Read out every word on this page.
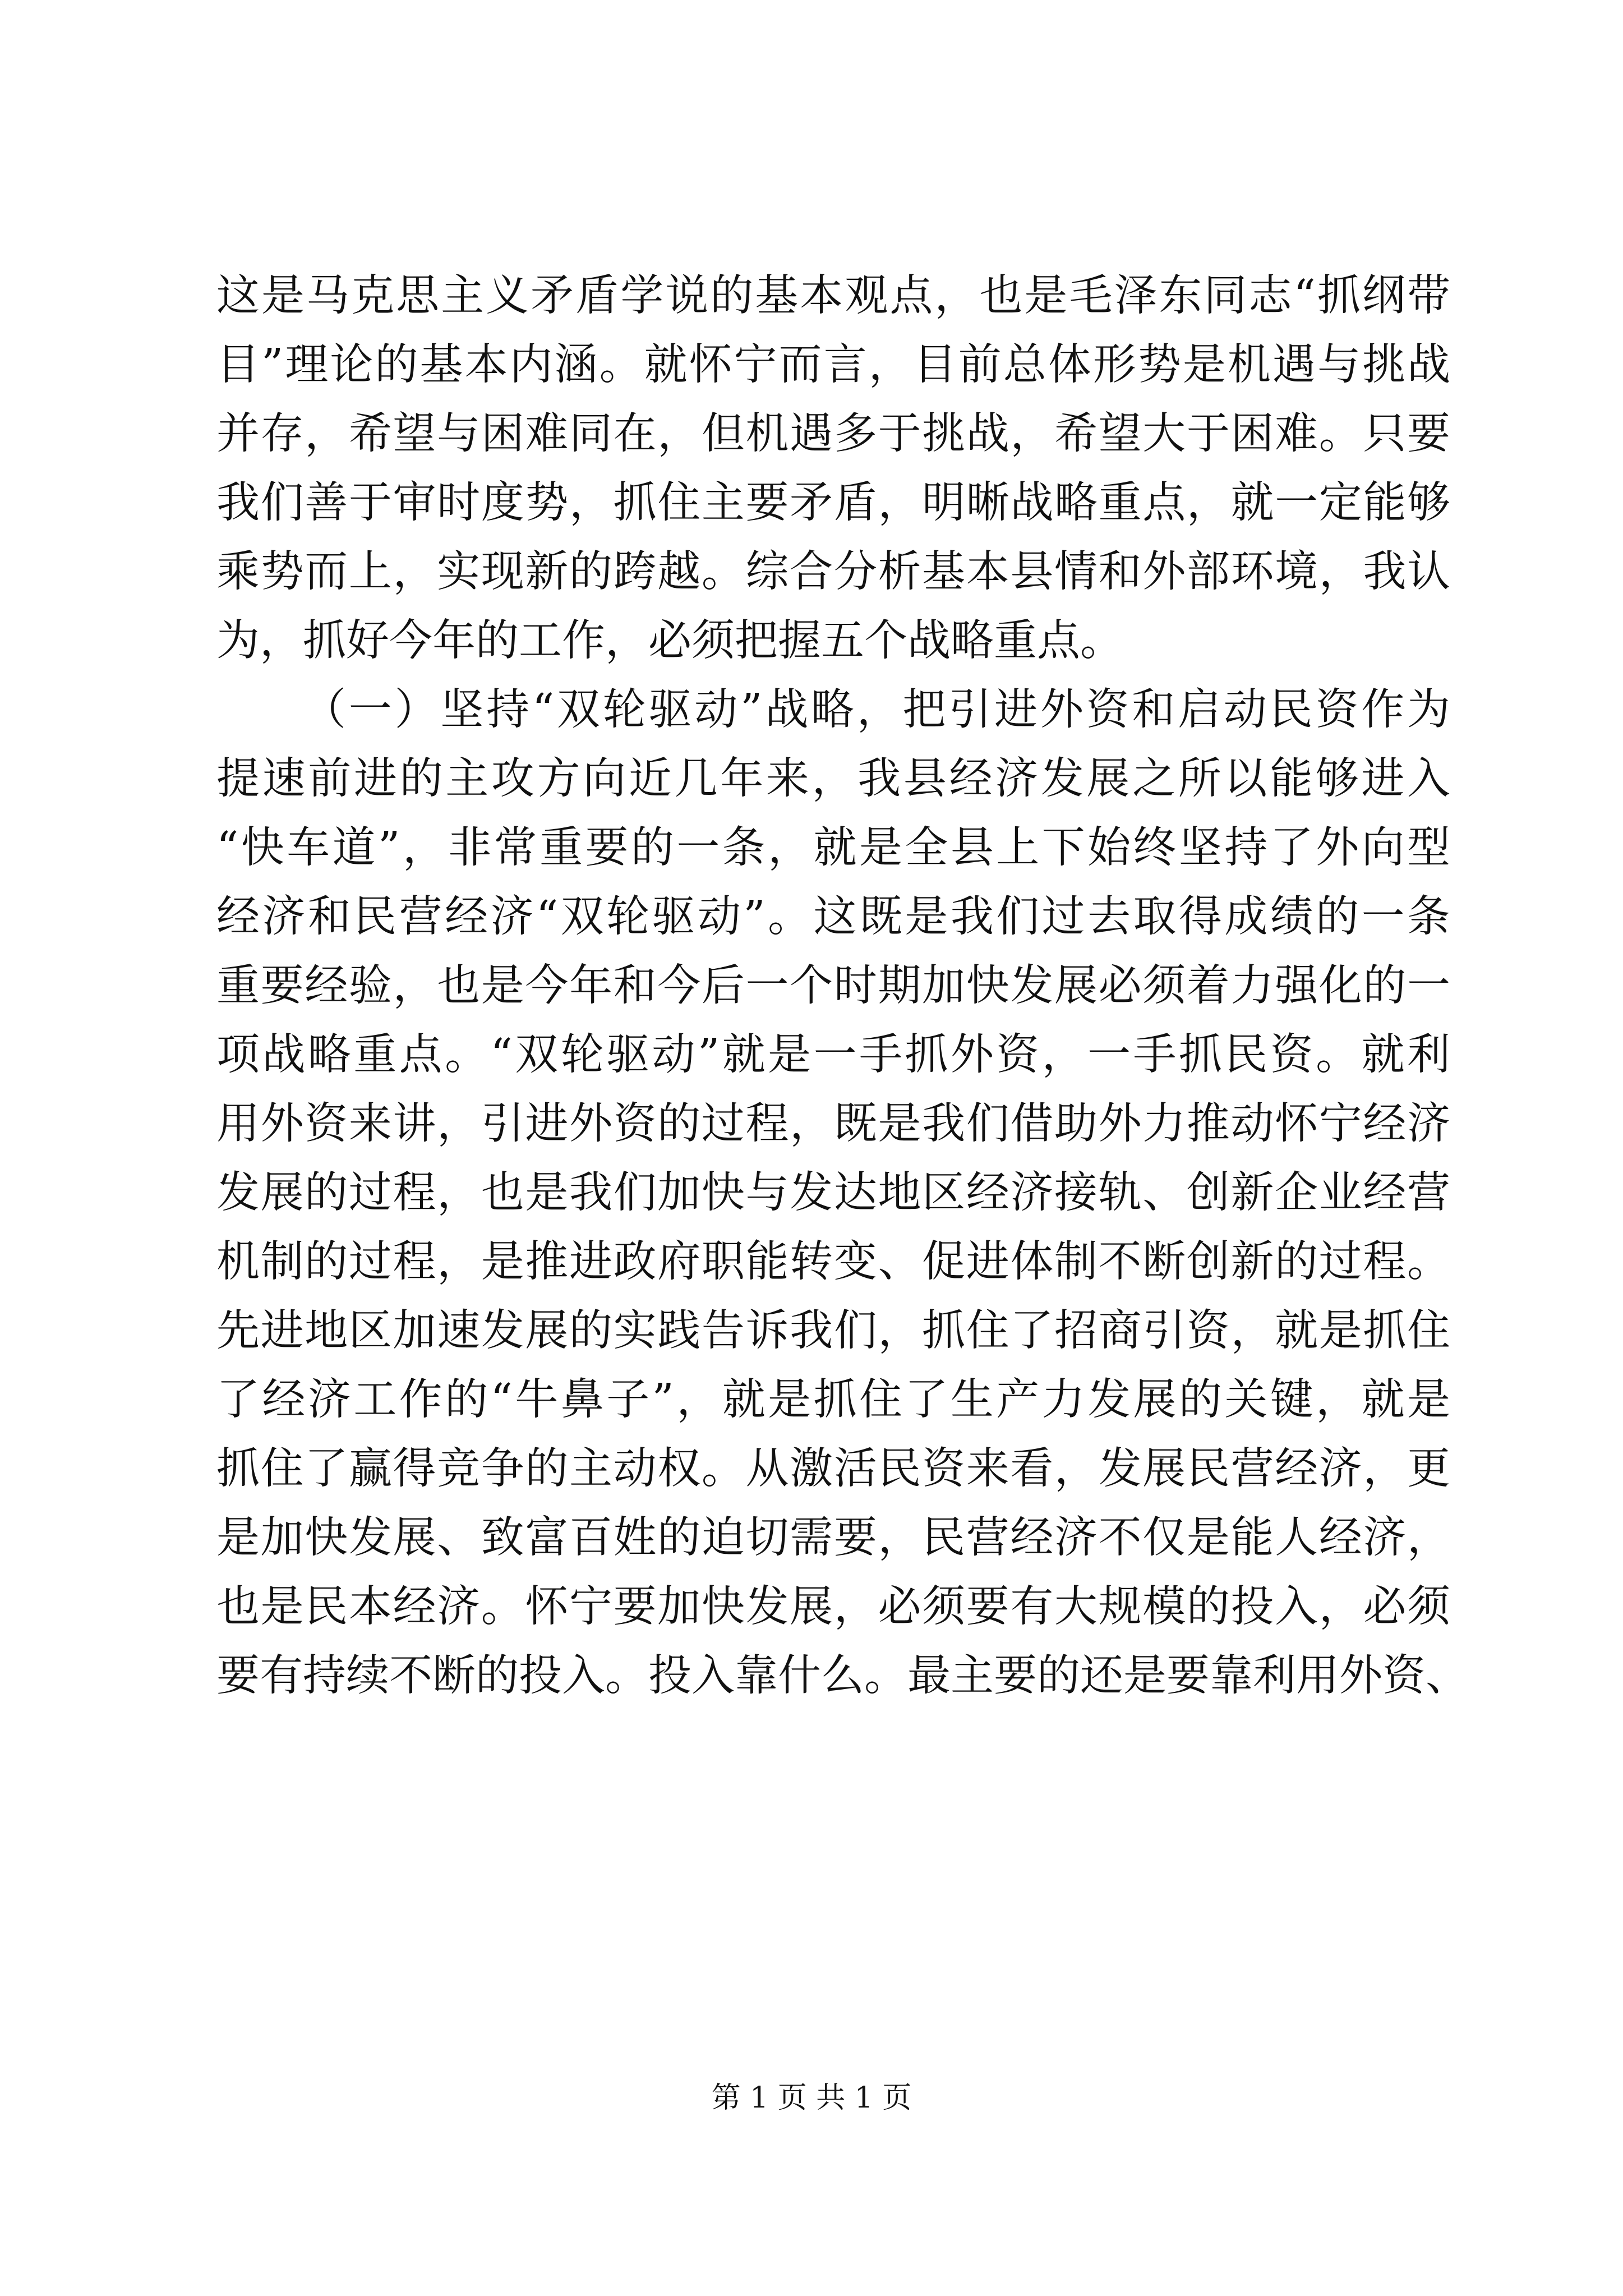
这是马克思主义矛盾学说的基本观点，也是毛泽东同志“抓纲带
目”理论的基本内涵。就怀宁而言，目前总体形势是机遇与挑战
并存，希望与困难同在，但机遇多于挑战，希望大于困难。只要
我们善于审时度势，抓住主要矛盾，明晰战略重点，就一定能够
乘势而上，实现新的跨越。综合分析基本县情和外部环境，我认
为，抓好今年的工作，必须把握五个战略重点。
（一）坚持“双轮驱动”战略，把引进外资和启动民资作为
提速前进的主攻方向近几年来，我县经济发展之所以能够进入
“快车道”，非常重要的一条，就是全县上下始终坚持了外向型
经济和民营经济“双轮驱动”。这既是我们过去取得成绩的一条
重要经验，也是今年和今后一个时期加快发展必须着力强化的一
项战略重点。“双轮驱动”就是一手抓外资，一手抓民资。就利
用外资来讲，引进外资的过程，既是我们借助外力推动怀宁经济
发展的过程，也是我们加快与发达地区经济接轨、创新企业经营
机制的过程，是推进政府职能转变、促进体制不断创新的过程。
先进地区加速发展的实践告诉我们，抓住了招商引资，就是抓住
了经济工作的“牛鼻子”，就是抓住了生产力发展的关键，就是
抓住了赢得竞争的主动权。从激活民资来看，发展民营经济，更
是加快发展、致富百姓的迫切需要，民营经济不仅是能人经济，
也是民本经济。怀宁要加快发展，必须要有大规模的投入，必须
要有持续不断的投入。投入靠什么。最主要的还是要靠利用外资、
第 1 页 共 1 页
